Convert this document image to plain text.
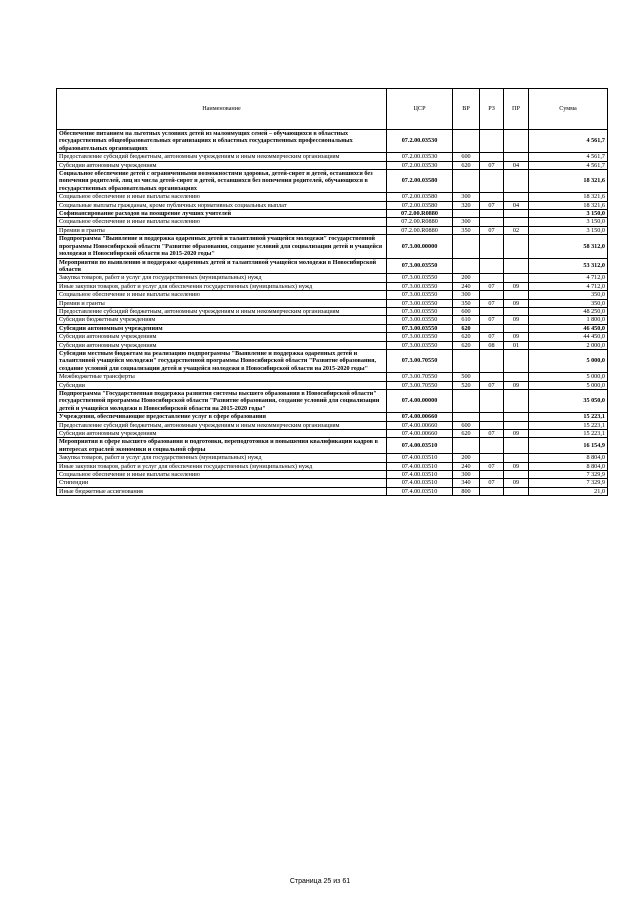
Наименование	ЦСР	ВР	РЗ	ПР	Сумма
Обеспечение питанием на льготных условиях детей из малоимущих семей – обучающихся в областных государственных общеобразовательных организациях и областных государственных профессиональных образовательных организациях	07.2.00.03530				4 561,7
Предоставление субсидий бюджетным, автономным учреждениям и иным некоммерческим организациям	07.2.00.03530	600			4 561,7
Субсидии автономным учреждениям	07.2.00.03530	620	07	04	4 561,7
Социальное обеспечение детей с ограниченными возможностями здоровья, детей-сирот и детей, оставшихся без попечения родителей, лиц из числа детей-сирот и детей, оставшихся без попечения родителей, обучающихся в государственных образовательных организациях	07.2.00.03580				18 321,6
Социальное обеспечение и иные выплаты населению	07.2.00.03580	300			18 321,6
Социальные выплаты гражданам, кроме публичных нормативных социальных выплат	07.2.00.03580	320	07	04	18 321,6
Софинансирование расходов на поощрение лучших учителей	07.2.00.R0880				3 150,0
Социальное обеспечение и иные выплаты населению	07.2.00.R0880	300			3 150,0
Премии и гранты	07.2.00.R0880	350	07	02	3 150,0
Подпрограмма "Выявление и поддержка одаренных детей и талантливой учащейся молодежи" государственной программы Новосибирской области "Развитие образования, создание условий для социализации детей и учащейся молодежи в Новосибирской области на 2015-2020 годы"	07.3.00.00000				58 312,0
Мероприятия по выявлению и поддержке одаренных детей и талантливой учащейся молодежи в Новосибирской области	07.3.00.03550				53 312,0
Закупка товаров, работ и услуг для государственных (муниципальных) нужд	07.3.00.03550	200			4 712,0
Иные закупки товаров, работ и услуг для обеспечения государственных (муниципальных) нужд	07.3.00.03550	240	07	09	4 712,0
Социальное обеспечение и иные выплаты населению	07.3.00.03550	300			350,0
Премии и гранты	07.3.00.03550	350	07	09	350,0
Предоставление субсидий бюджетным, автономным учреждениям и иным некоммерческим организациям	07.3.00.03550	600			48 250,0
Субсидии бюджетным учреждениям	07.3.00.03550	610	07	09	1 800,0
Субсидии автономным учреждениям	07.3.00.03550	620			46 450,0
Субсидии автономным учреждениям	07.3.00.03550	620	07	09	44 450,0
Субсидии автономным учреждениям	07.3.00.03550	620	08	01	2 000,0
Субсидии местным бюджетам на реализацию подпрограммы "Выявление и поддержка одаренных детей и талантливой учащейся молодежи" государственной программы Новосибирской области "Развитие образования, создание условий для социализации детей и учащейся молодежи в Новосибирской области на 2015-2020 годы"	07.3.00.70550				5 000,0
Межбюджетные трансферты	07.3.00.70550	500			5 000,0
Субсидии	07.3.00.70550	520	07	09	5 000,0
Подпрограмма "Государственная поддержка развития системы высшего образования в Новосибирской области" государственной программы Новосибирской области "Развитие образования, создание условий для социализации детей и учащейся молодежи в Новосибирской области на 2015-2020 годы"	07.4.00.00000				35 050,0
Учреждения, обеспечивающие предоставление услуг в сфере образования	07.4.00.00660				15 223,1
Предоставление субсидий бюджетным, автономным учреждениям и иным некоммерческим организациям	07.4.00.00660	600			15 223,1
Субсидии автономным учреждениям	07.4.00.00660	620	07	09	15 223,1
Мероприятия в сфере высшего образования и подготовки, переподготовки и повышения квалификации кадров в интересах отраслей экономики и социальной сферы	07.4.00.03510				16 154,9
Закупка товаров, работ и услуг для государственных (муниципальных) нужд	07.4.00.03510	200			8 804,0
Иные закупки товаров, работ и услуг для обеспечения государственных (муниципальных) нужд	07.4.00.03510	240	07	09	8 804,0
Социальное обеспечение и иные выплаты населению	07.4.00.03510	300			7 329,9
Стипендии	07.4.00.03510	340	07	09	7 329,9
Иные бюджетные ассигнования	07.4.00.03510	800			21,0
Страница 25 из 61
